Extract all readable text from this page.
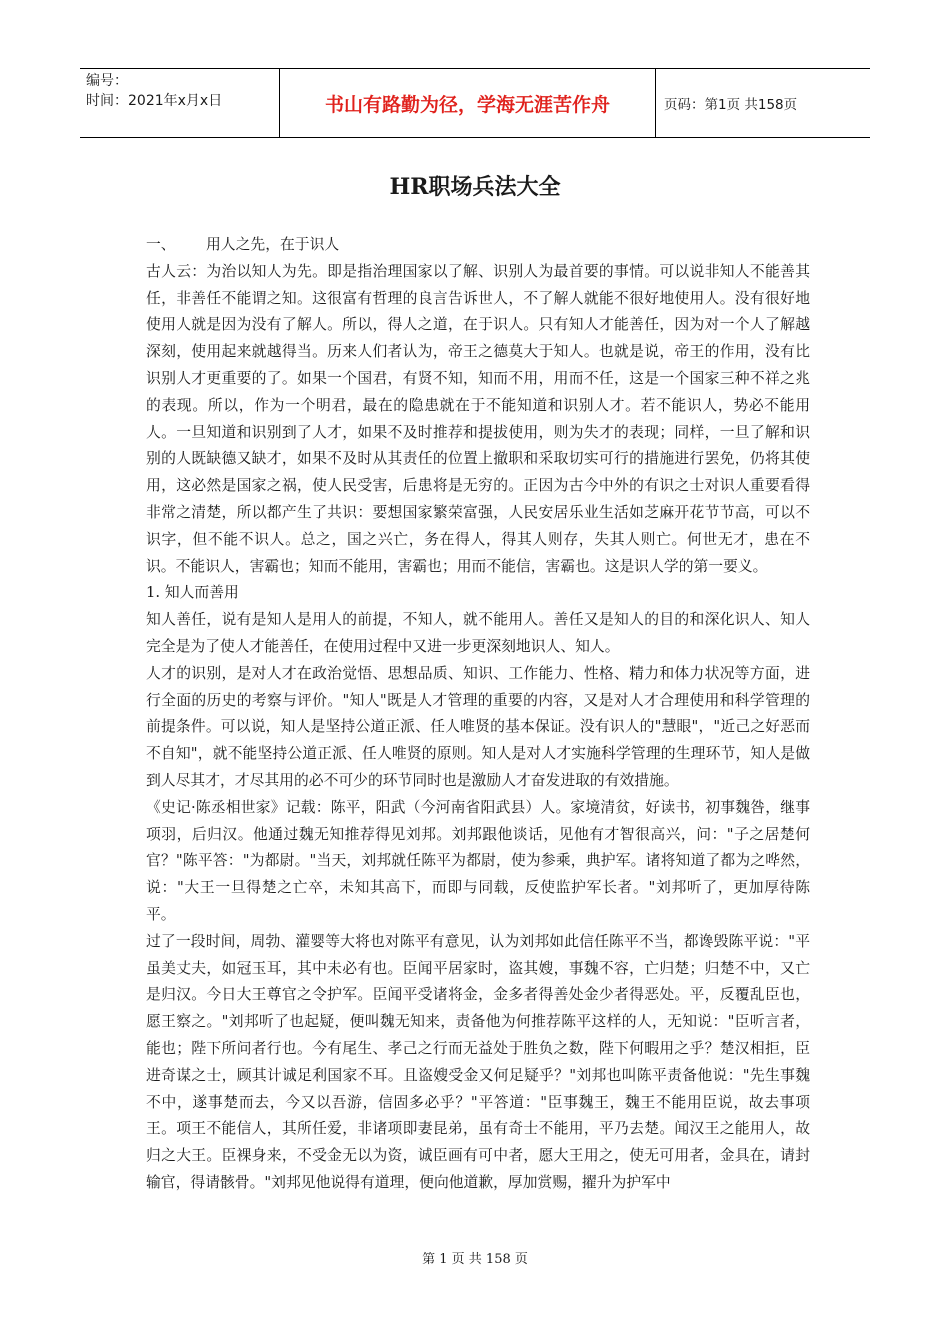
编号：
时间：2021年x月x日	书山有路勤为径，学海无涯苦作舟	页码：第1页 共158页
HR职场兵法大全

一、	用人之先，在于识人

古人云：为治以知人为先。即是指治理国家以了解、识别人为最首要的事情。可以说非知人不能善其任，非善任不能谓之知。这很富有哲理的良言告诉世人，不了解人就能不很好地使用人。没有很好地使用人就是因为没有了解人。所以，得人之道，在于识人。只有知人才能善任，因为对一个人了解越深刻，使用起来就越得当。历来人们者认为，帝王之德莫大于知人。也就是说，帝王的作用，没有比识别人才更重要的了。如果一个国君，有贤不知，知而不用，用而不任，这是一个国家三种不祥之兆的表现。所以，作为一个明君，最在的隐患就在于不能知道和识别人才。若不能识人，势必不能用人。一旦知道和识别到了人才，如果不及时推荐和提拔使用，则为失才的表现；同样，一旦了解和识别的人既缺德又缺才，如果不及时从其责任的位置上撤职和采取切实可行的措施进行罢免，仍将其使用，这必然是国家之祸，使人民受害，后患将是无穷的。正因为古今中外的有识之士对识人重要看得非常之清楚，所以都产生了共识：要想国家繁荣富强，人民安居乐业生活如芝麻开花节节高，可以不识字，但不能不识人。总之，国之兴亡，务在得人，得其人则存，失其人则亡。何世无才，患在不识。不能识人，害霸也；知而不能用，害霸也；用而不能信，害霸也。这是识人学的第一要义。

1. 知人而善用

知人善任，说有是知人是用人的前提，不知人，就不能用人。善任又是知人的目的和深化识人、知人完全是为了使人才能善任，在使用过程中又进一步更深刻地识人、知人。

人才的识别，是对人才在政治觉悟、思想品质、知识、工作能力、性格、精力和体力状况等方面，进行全面的历史的考察与评价。"知人"既是人才管理的重要的内容，又是对人才合理使用和科学管理的前提条件。可以说，知人是坚持公道正派、任人唯贤的基本保证。没有识人的"慧眼"，"近己之好恶而不自知"，就不能坚持公道正派、任人唯贤的原则。知人是对人才实施科学管理的生理环节，知人是做到人尽其才，才尽其用的必不可少的环节同时也是激励人才奋发进取的有效措施。

《史记·陈丞相世家》记载：陈平，阳武（今河南省阳武县）人。家境清贫，好读书，初事魏咎，继事项羽，后归汉。他通过魏无知推荐得见刘邦。刘邦跟他谈话，见他有才智很高兴，问："子之居楚何官？"陈平答："为都尉。"当天，刘邦就任陈平为都尉，使为参乘，典护军。诸将知道了都为之哗然，说："大王一旦得楚之亡卒，未知其高下，而即与同载，反使监护军长者。"刘邦听了，更加厚待陈平。

过了一段时间，周勃、灌婴等大将也对陈平有意见，认为刘邦如此信任陈平不当，都谗毁陈平说："平虽美丈夫，如冠玉耳，其中未必有也。臣闻平居家时，盗其嫂，事魏不容，亡归楚；归楚不中，又亡是归汉。今日大王尊官之令护军。臣闻平受诸将金，金多者得善处金少者得恶处。平，反覆乱臣也，愿王察之。"刘邦听了也起疑，便叫魏无知来，责备他为何推荐陈平这样的人，无知说："臣听言者，能也；陛下所问者行也。今有尾生、孝己之行而无益处于胜负之数，陛下何暇用之乎？楚汉相拒，臣进奇谋之士，顾其计诚足利国家不耳。且盗嫂受金又何足疑乎？"刘邦也叫陈平责备他说："先生事魏不中，遂事楚而去，今又以吾游，信固多必乎？"平答道："臣事魏王，魏王不能用臣说，故去事项王。项王不能信人，其所任爱，非诸项即妻昆弟，虽有奇士不能用，平乃去楚。闻汉王之能用人，故归之大王。臣裸身来，不受金无以为资，诚臣画有可中者，愿大王用之，使无可用者，金具在，请封输官，得请骸骨。"刘邦见他说得有道理，便向他道歉，厚加赏赐，擢升为护军中

第 1 页 共 158 页
